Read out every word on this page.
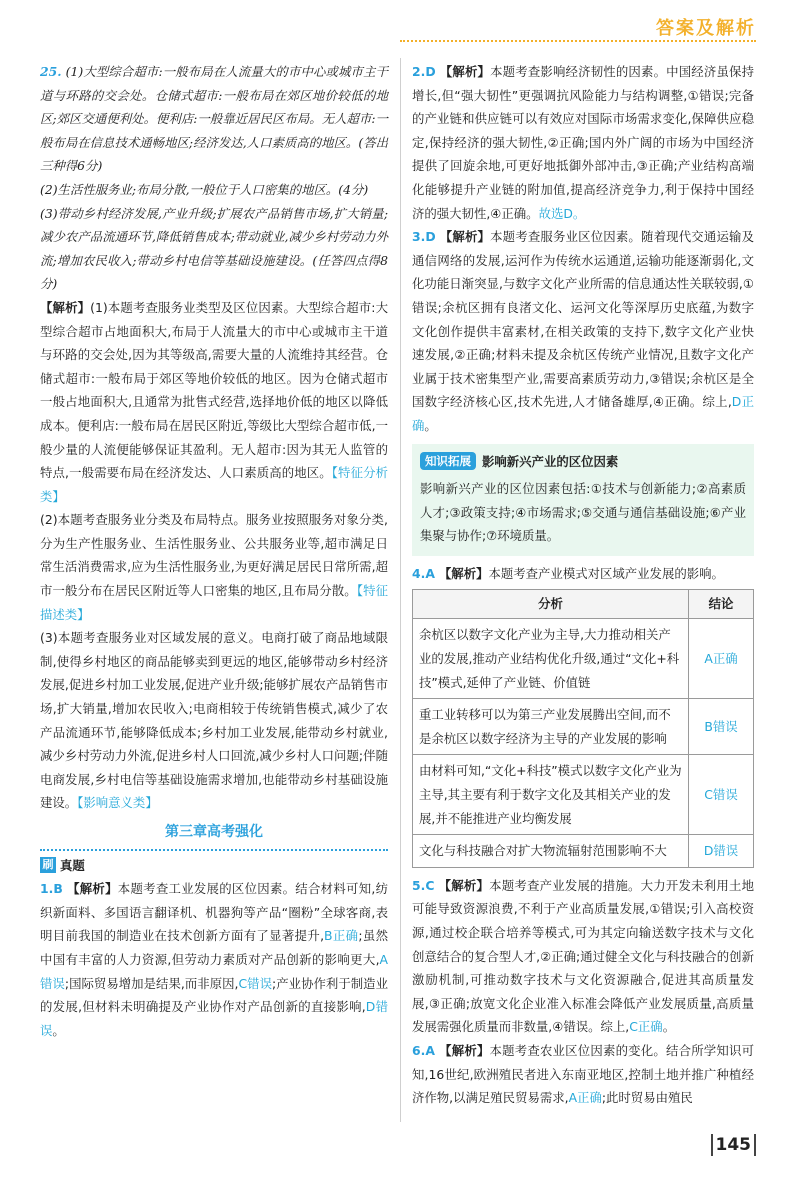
答案及解析

25. (1)大型综合超市:一般布局在人流量大的市中心或城市主干道与环路的交会处。仓储式超市:一般布局在郊区地价较低的地区;郊区交通便利处。便利店:一般靠近居民区布局。无人超市:一般布局在信息技术通畅地区;经济发达,人口素质高的地区。(答出三种得6分)

(2)生活性服务业;布局分散,一般位于人口密集的地区。(4分)

(3)带动乡村经济发展,产业升级;扩展农产品销售市场,扩大销量;减少农产品流通环节,降低销售成本;带动就业,减少乡村劳动力外流;增加农民收入;带动乡村电信等基础设施建设。(任答四点得8分)

【解析】(1)本题考查服务业类型及区位因素。大型综合超市:大型综合超市占地面积大,布局于人流量大的市中心或城市主干道与环路的交会处,因为其等级高,需要大量的人流维持其经营。仓储式超市:一般布局于郊区等地价较低的地区。因为仓储式超市一般占地面积大,且通常为批售式经营,选择地价低的地区以降低成本。便利店:一般布局在居民区附近,等级比大型综合超市低,一般少量的人流便能够保证其盈利。无人超市:因为其无人监管的特点,一般需要布局在经济发达、人口素质高的地区。【特征分析类】

(2)本题考查服务业分类及布局特点。服务业按照服务对象分类,分为生产性服务业、生活性服务业、公共服务业等,超市满足日常生活消费需求,应为生活性服务业,为更好满足居民日常所需,超市一般分布在居民区附近等人口密集的地区,且布局分散。【特征描述类】

(3)本题考查服务业对区域发展的意义。电商打破了商品地域限制,使得乡村地区的商品能够卖到更远的地区,能够带动乡村经济发展,促进乡村加工业发展,促进产业升级;能够扩展农产品销售市场,扩大销量,增加农民收入;电商相较于传统销售模式,减少了农产品流通环节,能够降低成本;乡村加工业发展,能带动乡村就业,减少乡村劳动力外流,促进乡村人口回流,减少乡村人口问题;伴随电商发展,乡村电信等基础设施需求增加,也能带动乡村基础设施建设。【影响意义类】

第三章高考强化
刷 真题

1.B 【解析】本题考查工业发展的区位因素。结合材料可知,纺织新面料、多国语言翻译机、机器狗等产品“圈粉”全球客商,表明目前我国的制造业在技术创新方面有了显著提升,B正确;虽然中国有丰富的人力资源,但劳动力素质对产品创新的影响更大,A错误;国际贸易增加是结果,而非原因,C错误;产业协作利于制造业的发展,但材料未明确提及产业协作对产品创新的直接影响,D错误。

2.D 【解析】本题考查影响经济韧性的因素。中国经济虽保持增长,但“强大韧性”更强调抗风险能力与结构调整,①错误;完备的产业链和供应链可以有效应对国际市场需求变化,保障供应稳定,保持经济的强大韧性,②正确;国内外广阔的市场为中国经济提供了回旋余地,可更好地抵御外部冲击,③正确;产业结构高端化能够提升产业链的附加值,提高经济竞争力,利于保持中国经济的强大韧性,④正确。故选D。

3.D 【解析】本题考查服务业区位因素。随着现代交通运输及通信网络的发展,运河作为传统水运通道,运输功能逐渐弱化,文化功能日渐突显,与数字文化产业所需的信息通达性关联较弱,①错误;余杭区拥有良渚文化、运河文化等深厚历史底蕴,为数字文化创作提供丰富素材,在相关政策的支持下,数字文化产业快速发展,②正确;材料未提及余杭区传统产业情况,且数字文化产业属于技术密集型产业,需要高素质劳动力,③错误;余杭区是全国数字经济核心区,技术先进,人才储备雄厚,④正确。综上,D正确。

知识拓展 影响新兴产业的区位因素

影响新兴产业的区位因素包括:①技术与创新能力;②高素质人才;③政策支持;④市场需求;⑤交通与通信基础设施;⑥产业集聚与协作;⑦环境质量。

4.A 【解析】本题考查产业模式对区域产业发展的影响。

分析	结论
余杭区以数字文化产业为主导,大力推动相关产业的发展,推动产业结构优化升级,通过“文化+科技”模式,延伸了产业链、价值链	A正确
重工业转移可以为第三产业发展腾出空间,而不是余杭区以数字经济为主导的产业发展的影响	B错误
由材料可知,“文化+科技”模式以数字文化产业为主导,其主要有利于数字文化及其相关产业的发展,并不能推进产业均衡发展	C错误
文化与科技融合对扩大物流辐射范围影响不大	D错误

5.C 【解析】本题考查产业发展的措施。大力开发未利用土地可能导致资源浪费,不利于产业高质量发展,①错误;引入高校资源,通过校企联合培养等模式,可为其定向输送数字技术与文化创意结合的复合型人才,②正确;通过健全文化与科技融合的创新激励机制,可推动数字技术与文化资源融合,促进其高质量发展,③正确;放宽文化企业准入标准会降低产业发展质量,高质量发展需强化质量而非数量,④错误。综上,C正确。

6.A 【解析】本题考查农业区位因素的变化。结合所学知识可知,16世纪,欧洲殖民者进入东南亚地区,控制土地并推广种植经济作物,以满足殖民贸易需求,A正确;此时贸易由殖民

145
